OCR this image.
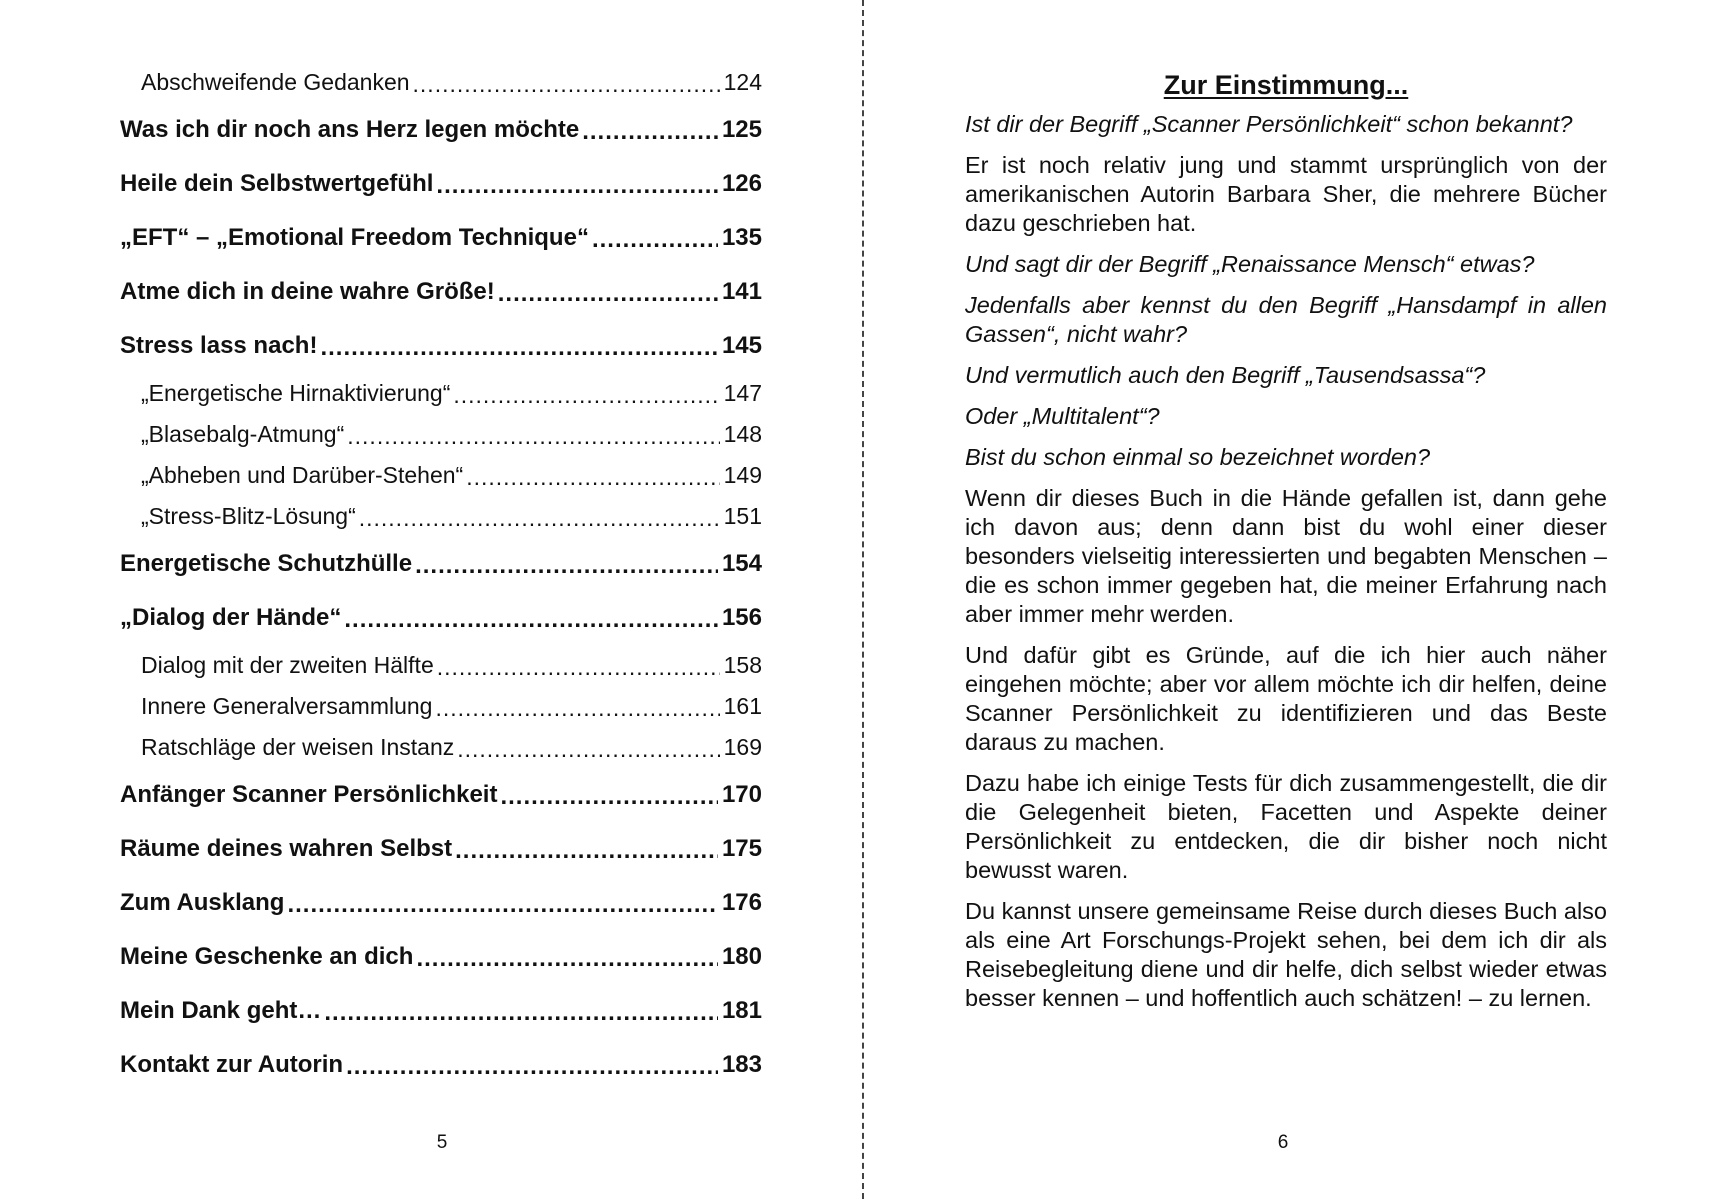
Abschweifende Gedanken .....	124
Was ich dir noch ans Herz legen möchte .....	125
Heile dein Selbstwertgefühl .....	126
„EFT“ – „Emotional Freedom Technique“ .....	135
Atme dich in deine wahre Größe! .....	141
Stress lass nach! .....	145
„Energetische Hirnaktivierung“ .....	147
„Blasebalg-Atmung“ .....	148
„Abheben und Darüber-Stehen“ .....	149
„Stress-Blitz-Lösung“ .....	151
Energetische Schutzhülle .....	154
„Dialog der Hände“ .....	156
Dialog mit der zweiten Hälfte .....	158
Innere Generalversammlung .....	161
Ratschläge der weisen Instanz .....	169
Anfänger Scanner Persönlichkeit .....	170
Räume deines wahren Selbst .....	175
Zum Ausklang .....	176
Meine Geschenke an dich .....	180
Mein Dank geht… .....	181
Kontakt zur Autorin .....	183
5
Zur Einstimmung...

Ist dir der Begriff „Scanner Persönlichkeit“ schon bekannt?

Er ist noch relativ jung und stammt ursprünglich von der amerikanischen Autorin Barbara Sher, die mehrere Bücher dazu geschrieben hat.

Und sagt dir der Begriff „Renaissance Mensch“ etwas?

Jedenfalls aber kennst du den Begriff „Hansdampf in allen Gassen“, nicht wahr?

Und vermutlich auch den Begriff „Tausendsassa“?

Oder „Multitalent“?

Bist du schon einmal so bezeichnet worden?

Wenn dir dieses Buch in die Hände gefallen ist, dann gehe ich davon aus; denn dann bist du wohl einer dieser besonders vielseitig interessierten und begabten Menschen – die es schon immer gegeben hat, die meiner Erfahrung nach aber immer mehr werden.

Und dafür gibt es Gründe, auf die ich hier auch näher eingehen möchte; aber vor allem möchte ich dir helfen, deine Scanner Persönlichkeit zu identifizieren und das Beste daraus zu machen.

Dazu habe ich einige Tests für dich zusammengestellt, die dir die Gelegenheit bieten, Facetten und Aspekte deiner Persönlichkeit zu entdecken, die dir bisher noch nicht bewusst waren.

Du kannst unsere gemeinsame Reise durch dieses Buch also als eine Art Forschungs-Projekt sehen, bei dem ich dir als Reisebegleitung diene und dir helfe, dich selbst wieder etwas besser kennen – und hoffentlich auch schätzen! – zu lernen.

6
